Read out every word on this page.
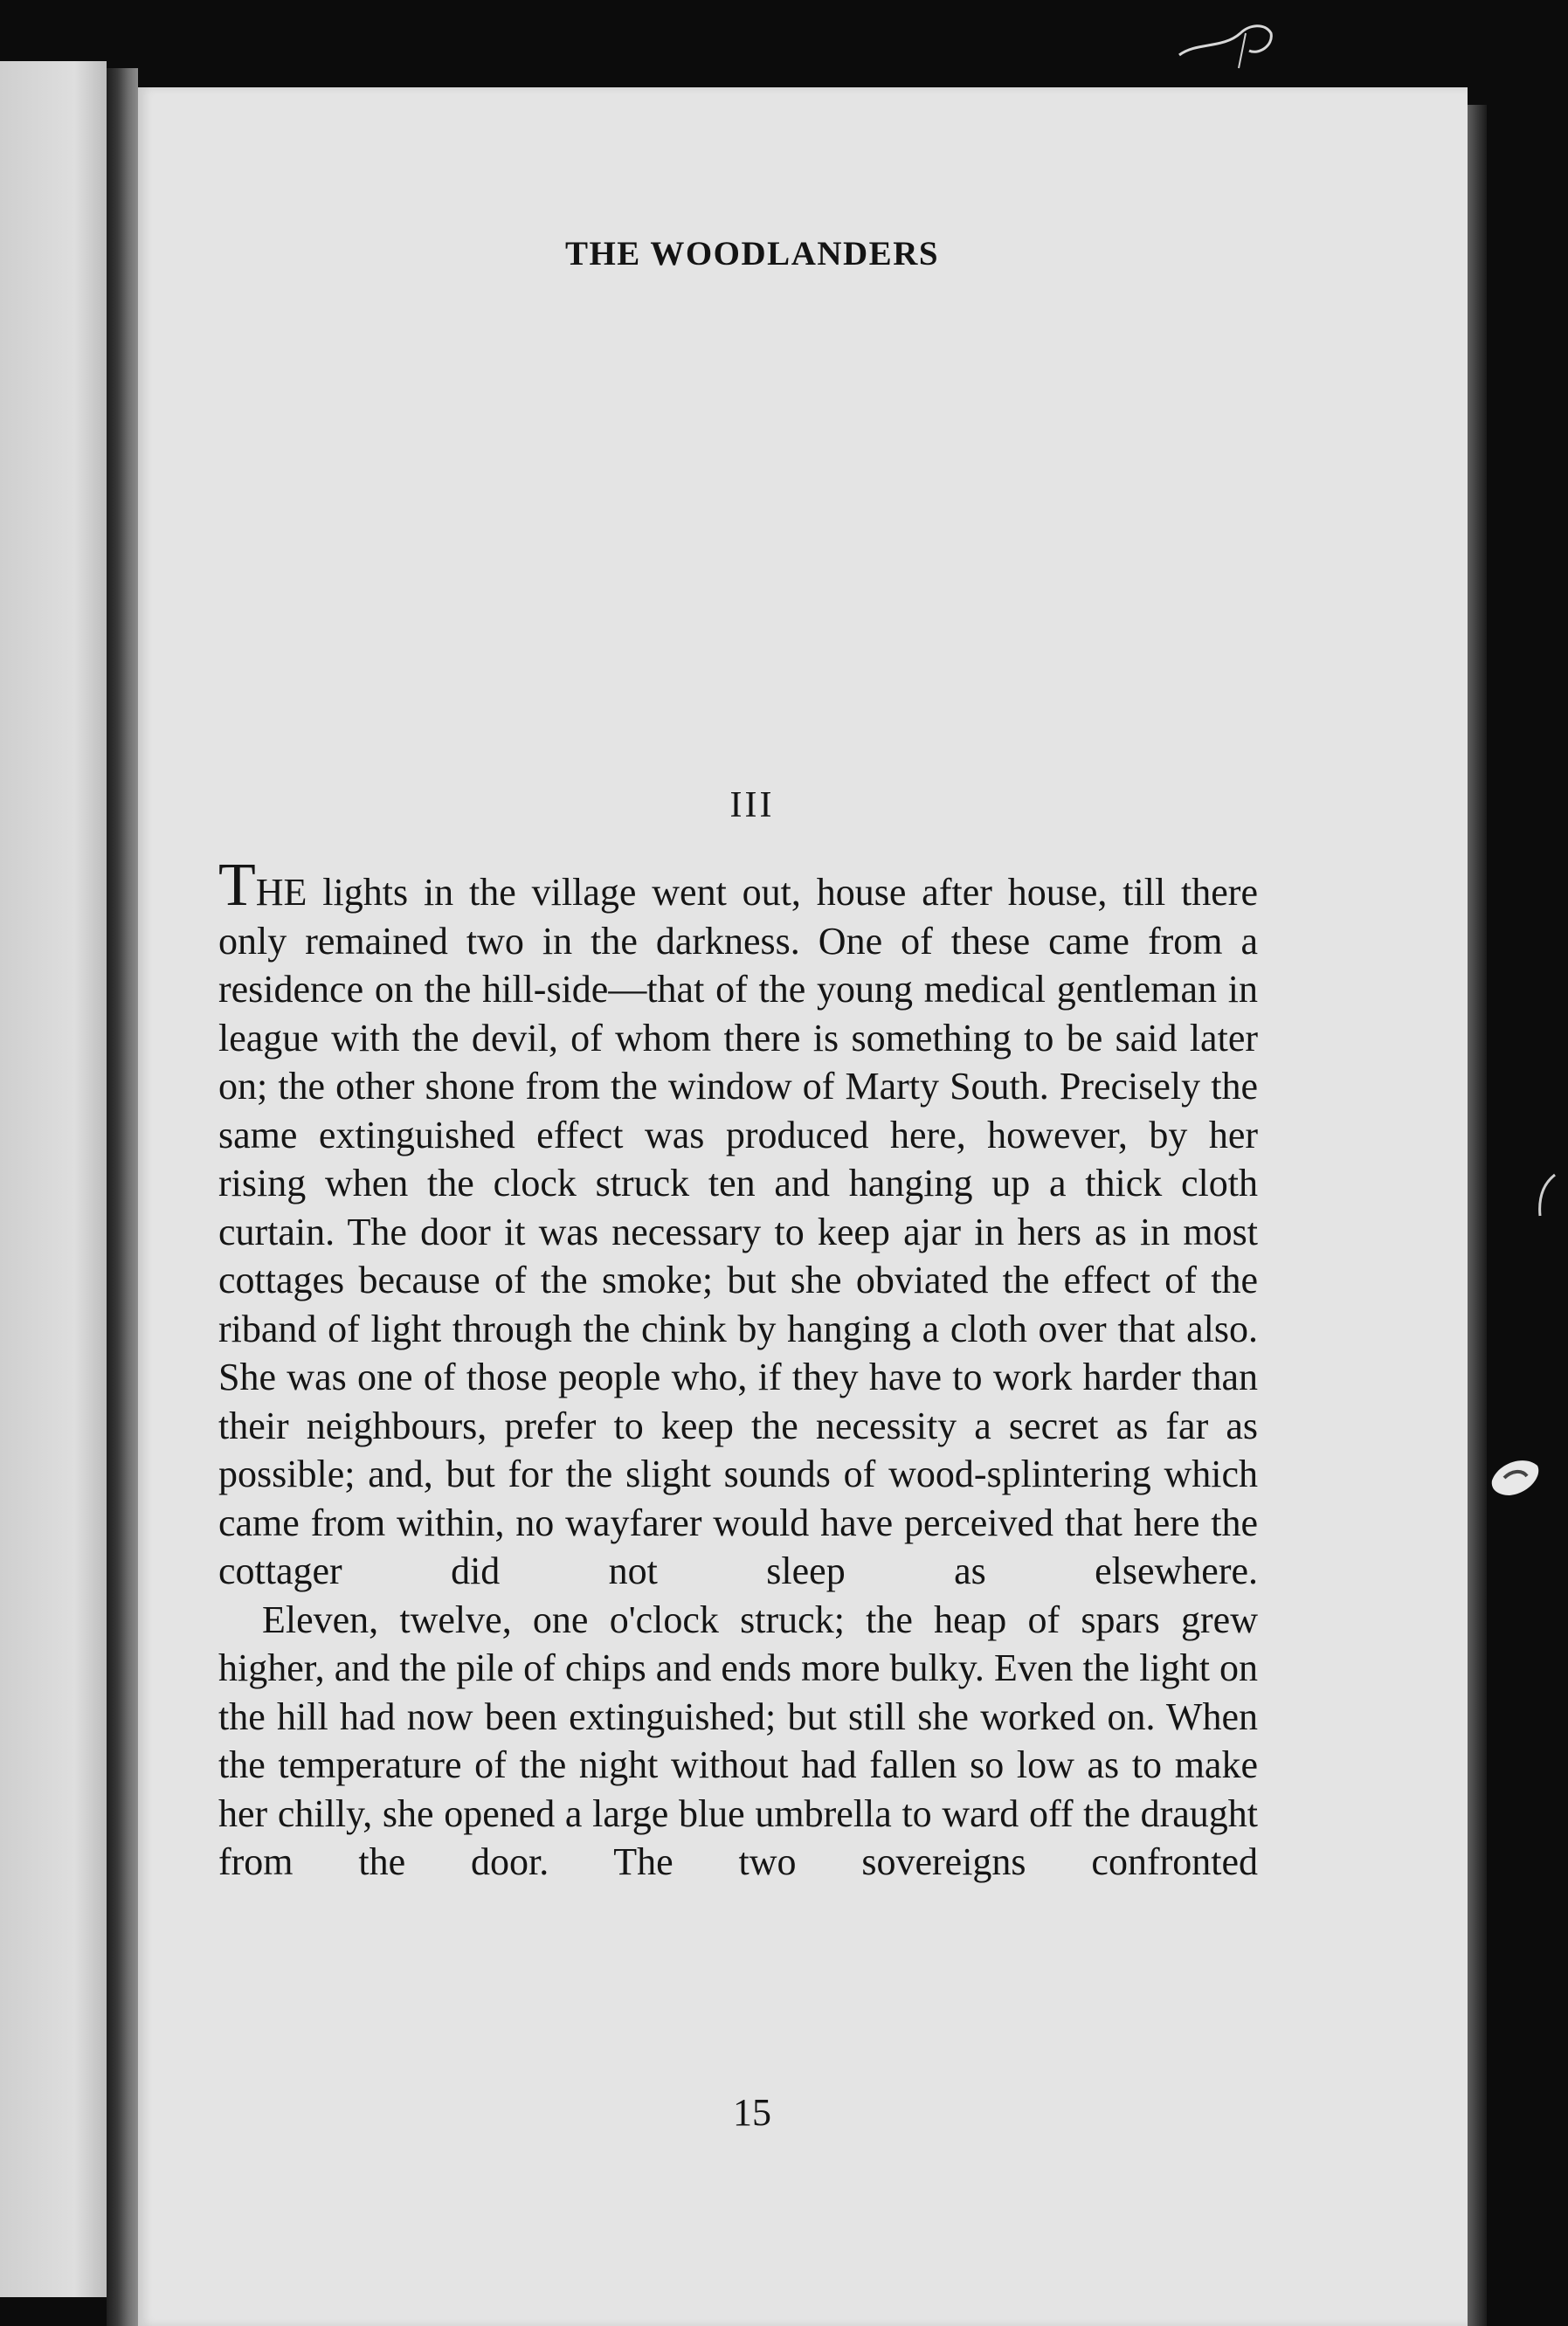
THE WOODLANDERS
III

THE lights in the village went out, house after house, till there only remained two in the darkness. One of these came from a residence on the hill-side—that of the young medical gentleman in league with the devil, of whom there is something to be said later on; the other shone from the window of Marty South. Precisely the same extinguished effect was produced here, however, by her rising when the clock struck ten and hanging up a thick cloth curtain. The door it was necessary to keep ajar in hers as in most cottages because of the smoke; but she obviated the effect of the riband of light through the chink by hanging a cloth over that also. She was one of those people who, if they have to work harder than their neighbours, prefer to keep the necessity a secret as far as possible; and, but for the slight sounds of wood-splintering which came from within, no wayfarer would have perceived that here the cottager did not sleep as elsewhere.

Eleven, twelve, one o'clock struck; the heap of spars grew higher, and the pile of chips and ends more bulky. Even the light on the hill had now been extinguished; but still she worked on. When the temperature of the night without had fallen so low as to make her chilly, she opened a large blue umbrella to ward off the draught from the door. The two sovereigns confronted

15
